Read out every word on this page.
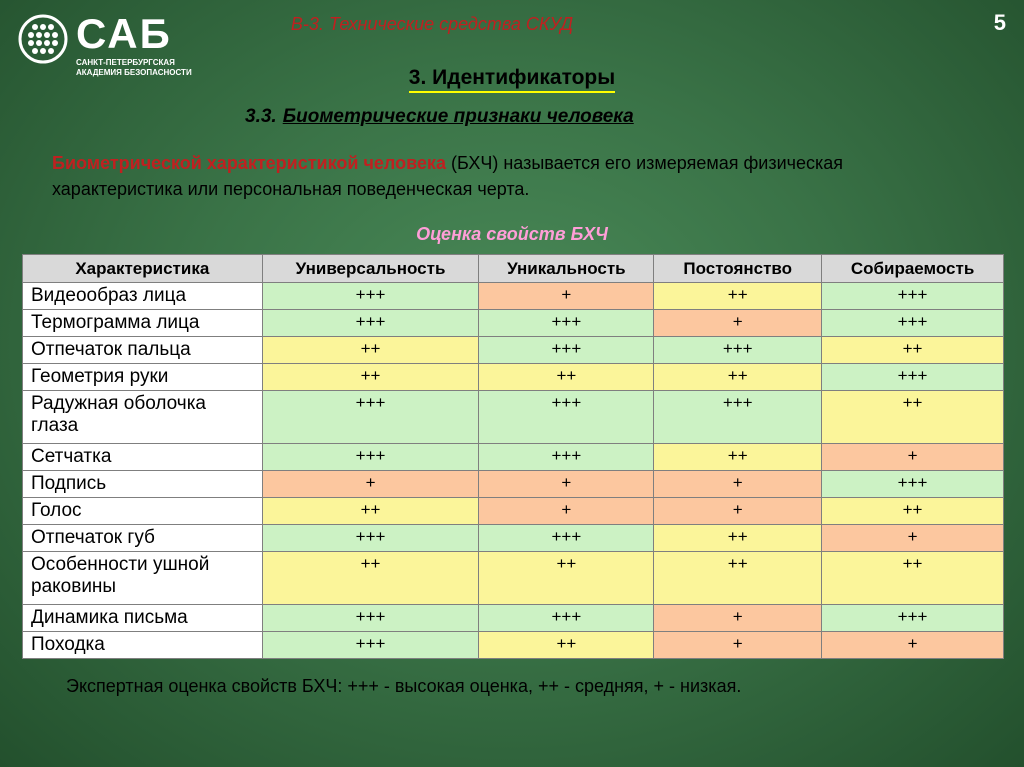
САБ
САНКТ-ПЕТЕРБУРГСКАЯ
АКАДЕМИЯ БЕЗОПАСНОСТИ
В-3. Технические средства СКУД	5
3. Идентификаторы
3.3. Биометрические признаки человека
Биометрической характеристикой человека (БХЧ) называется его измеряемая физическая характеристика или персональная поведенческая черта.
Оценка свойств БХЧ
Характеристика	Универсальность	Уникальность	Постоянство	Собираемость
Видеообраз лица	+++	+	++	+++
Термограмма лица	+++	+++	+	+++
Отпечаток пальца	++	+++	+++	++
Геометрия руки	++	++	++	+++
Радужная оболочка глаза	+++	+++	+++	++
Сетчатка	+++	+++	++	+
Подпись	+	+	+	+++
Голос	++	+	+	++
Отпечаток губ	+++	+++	++	+
Особенности ушной раковины	++	++	++	++
Динамика письма	+++	+++	+	+++
Походка	+++	++	+	+
Экспертная оценка свойств БХЧ: +++ - высокая оценка, ++ - средняя, + - низкая.
